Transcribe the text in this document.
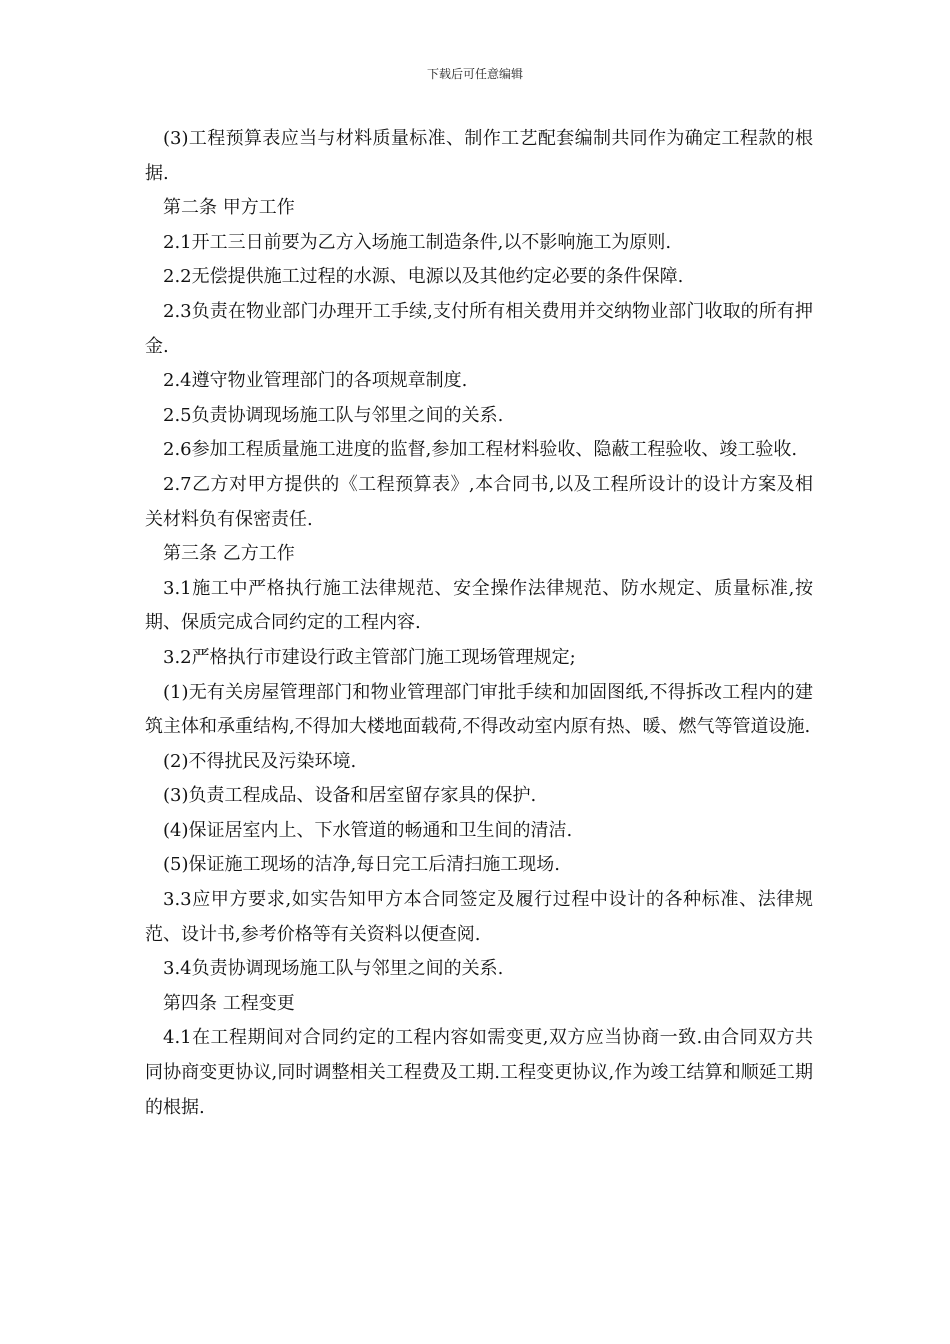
下载后可任意编辑

(3)工程预算表应当与材料质量标准、制作工艺配套编制共同作为确定工程款的根据.

第二条 甲方工作

2.1开工三日前要为乙方入场施工制造条件,以不影响施工为原则.

2.2无偿提供施工过程的水源、电源以及其他约定必要的条件保障.

2.3负责在物业部门办理开工手续,支付所有相关费用并交纳物业部门收取的所有押金.

2.4遵守物业管理部门的各项规章制度.

2.5负责协调现场施工队与邻里之间的关系.

2.6参加工程质量施工进度的监督,参加工程材料验收、隐蔽工程验收、竣工验收.

2.7乙方对甲方提供的《工程预算表》,本合同书,以及工程所设计的设计方案及相关材料负有保密责任.

第三条 乙方工作

3.1施工中严格执行施工法律规范、安全操作法律规范、防水规定、质量标准,按期、保质完成合同约定的工程内容.

3.2严格执行市建设行政主管部门施工现场管理规定;

(1)无有关房屋管理部门和物业管理部门审批手续和加固图纸,不得拆改工程内的建筑主体和承重结构,不得加大楼地面载荷,不得改动室内原有热、暖、燃气等管道设施.

(2)不得扰民及污染环境.

(3)负责工程成品、设备和居室留存家具的保护.

(4)保证居室内上、下水管道的畅通和卫生间的清洁.

(5)保证施工现场的洁净,每日完工后清扫施工现场.

3.3应甲方要求,如实告知甲方本合同签定及履行过程中设计的各种标准、法律规范、设计书,参考价格等有关资料以便查阅.

3.4负责协调现场施工队与邻里之间的关系.

第四条 工程变更

4.1在工程期间对合同约定的工程内容如需变更,双方应当协商一致.由合同双方共同协商变更协议,同时调整相关工程费及工期.工程变更协议,作为竣工结算和顺延工期的根据.
